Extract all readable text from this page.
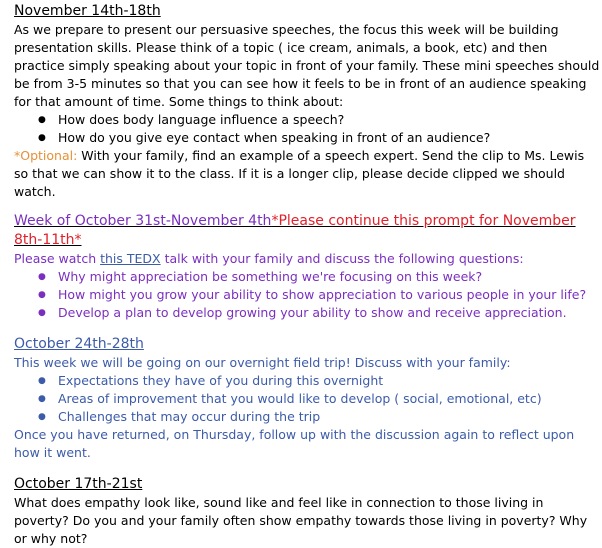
November 14th-18th

As we prepare to present our persuasive speeches, the focus this week will be building presentation skills. Please think of a topic ( ice cream, animals, a book, etc) and then practice simply speaking about your topic in front of your family. These mini speeches should be from 3-5 minutes so that you can see how it feels to be in front of an audience speaking for that amount of time. Some things to think about:

● How does body language influence a speech?
● How do you give eye contact when speaking in front of an audience?

*Optional: With your family, find an example of a speech expert. Send the clip to Ms. Lewis so that we can show it to the class. If it is a longer clip, please decide clipped we should watch.

Week of October 31st-November 4th*Please continue this prompt for November 8th-11th*

Please watch this TEDX talk with your family and discuss the following questions:

● Why might appreciation be something we're focusing on this week?
● How might you grow your ability to show appreciation to various people in your life?
● Develop a plan to develop growing your ability to show and receive appreciation.
October 24th-28th

This week we will be going on our overnight field trip! Discuss with your family:

● Expectations they have of you during this overnight
● Areas of improvement that you would like to develop ( social, emotional, etc)
● Challenges that may occur during the trip

Once you have returned, on Thursday, follow up with the discussion again to reflect upon how it went.

October 17th-21st

What does empathy look like, sound like and feel like in connection to those living in poverty? Do you and your family often show empathy towards those living in poverty? Why or why not?
